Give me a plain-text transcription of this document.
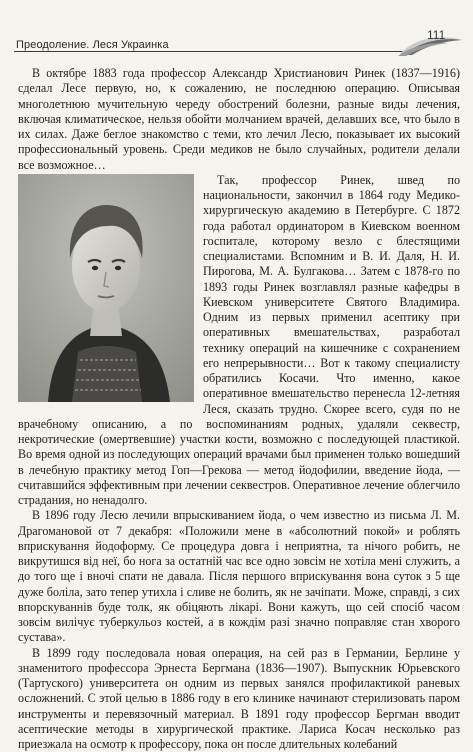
Преодоление. Леся Украинка
111

В октябре 1883 года профессор Александр Христианович Ринек (1837—1916) сделал Лесе первую, но, к сожалению, не последнюю операцию. Описывая многолетнюю мучительную череду обострений болезни, разные виды лечения, включая климатическое, нельзя обойти молчанием врачей, делавших все, что было в их силах. Даже беглое знакомство с теми, кто лечил Лесю, показывает их высокий профессиональный уровень. Среди медиков не было случайных, родители делали все возможное…

Так, профессор Ринек, швед по национальности, закончил в 1864 году Медико-хирургическую академию в Петербурге. С 1872 года работал ординатором в Киевском военном госпитале, которому везло с блестящими специалистами. Вспомним и В. И. Даля, Н. И. Пирогова, М. А. Булгакова… Затем с 1878-го по 1893 годы Ринек возглавлял разные кафедры в Киевском университете Святого Владимира. Одним из первых применил асептику при оперативных вмешательствах, разработал технику операций на кишечнике с сохранением его непрерывности… Вот к такому специалисту обратились Косачи. Что именно, какое оперативное вмешательство перенесла 12-летняя Леся, сказать трудно. Скорее всего, судя по не врачебному описанию, а по воспоминаниям родных, удаляли секвестр, некротические (омертвевшие) участки кости, возможно с последующей пластикой. Во время одной из последующих операций врачами был применен только вошедший в лечебную практику метод Гоп—Грекова — метод йодофилии, введение йода, — считавшийся эффективным при лечении секвестров. Оперативное лечение облегчило страдания, но ненадолго.

В 1896 году Лесю лечили впрыскиванием йода, о чем известно из письма Л. М. Драгомановой от 7 декабря: «Положили мене в «абсолютний покой» и роблять вприскування йодоформу. Се процедура довга і неприятна, та нічого робить, не викрутишся від неї, бо нога за остатній час все одно зовсім не хотіла мені служить, а до того ще і вночі спати не давала. Після першого вприскування вона суток з 5 ще дуже боліла, зато тепер утихла і сливе не болить, як не зачіпати. Може, справді, з сих впорскуваннів буде толк, як обіцяють лікарі. Вони кажуть, що сей спосіб часом зовсім вилічує туберкульоз костей, а в кождім разі значно поправляє стан хворого сустава».

В 1899 году последовала новая операция, на сей раз в Германии, Берлине у знаменитого профессора Эрнеста Бергмана (1836—1907). Выпускник Юрьевского (Тартуского) университета он одним из первых занялся профилактикой раневых осложнений. С этой целью в 1886 году в его клинике начинают стерилизовать паром инструменты и перевязочный материал. В 1891 году профессор Бергман вводит асептические методы в хирургической практике. Лариса Косач несколько раз приезжала на осмотр к профессору, пока он после длительных колебаний
